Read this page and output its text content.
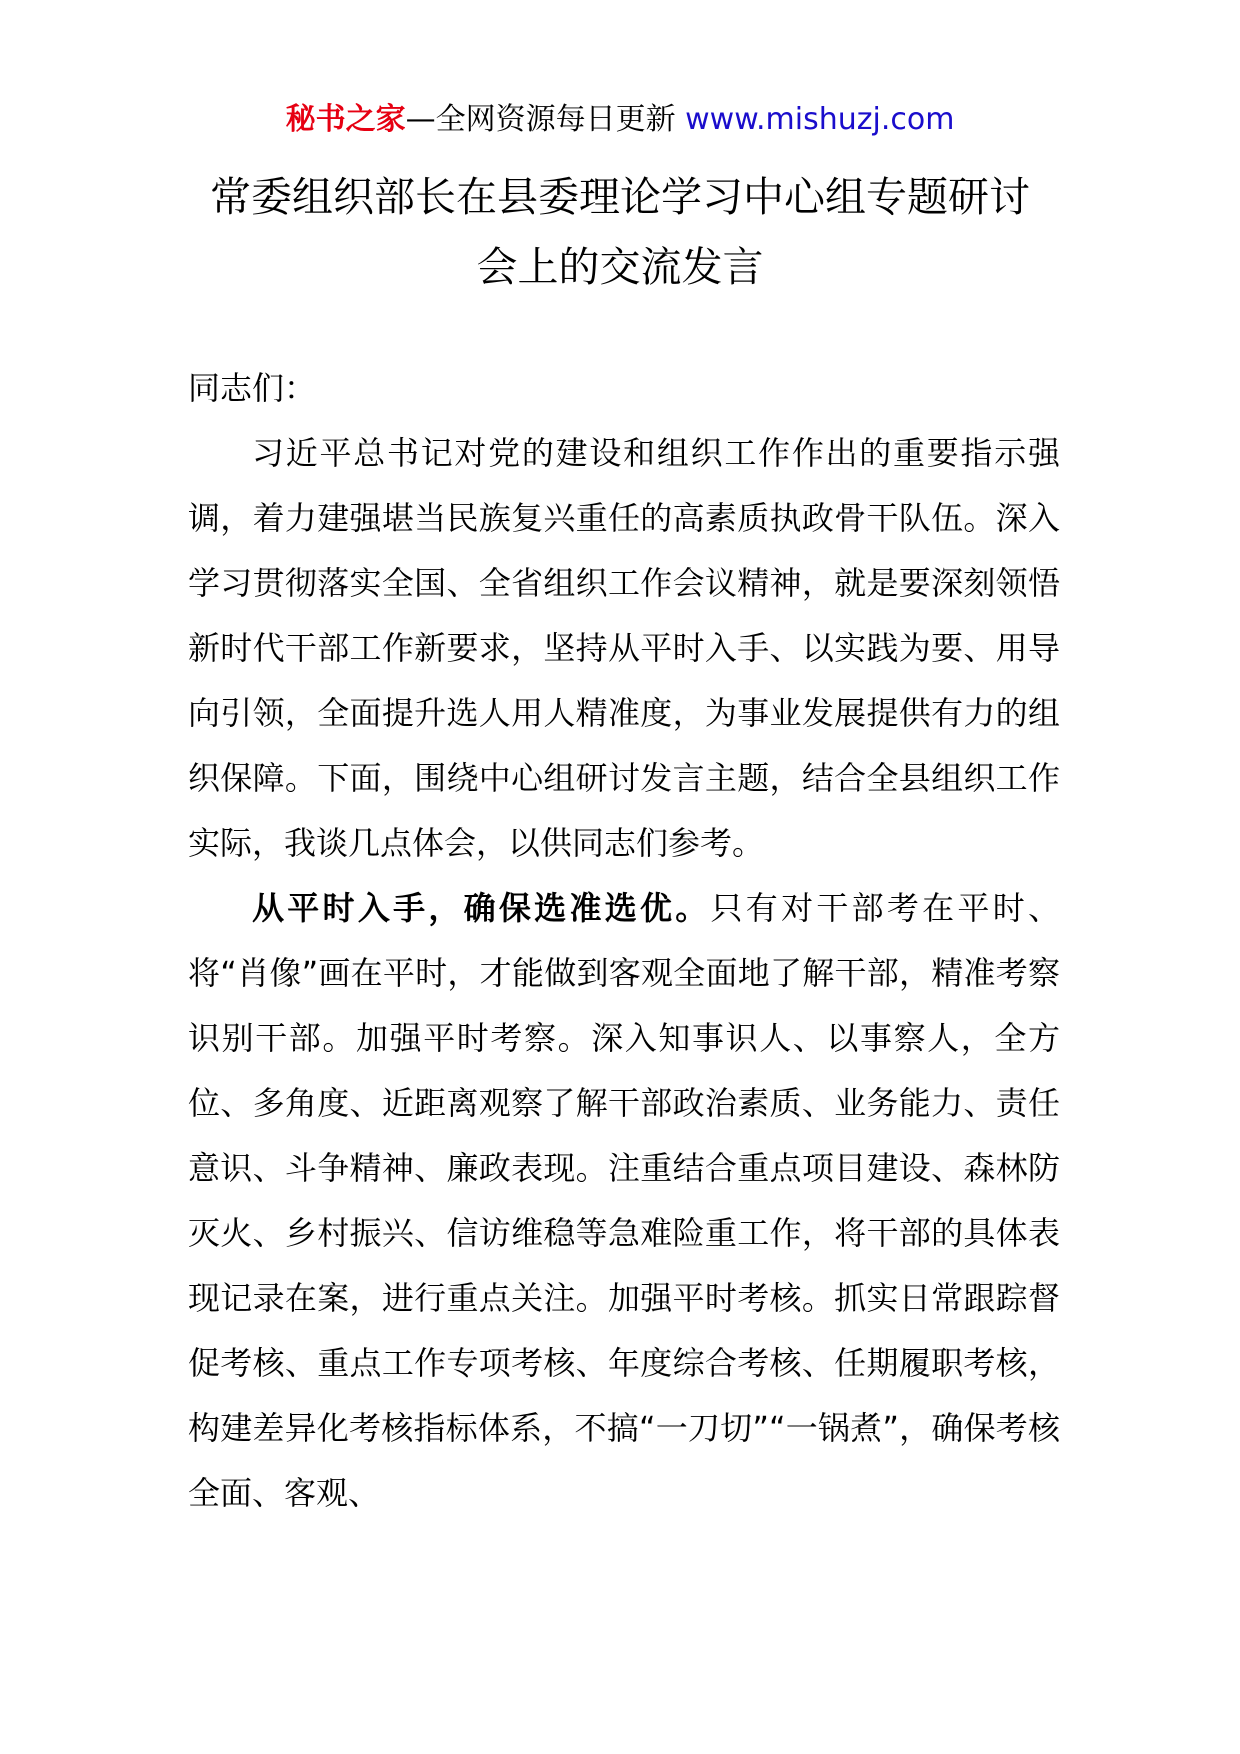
秘书之家—全网资源每日更新 www.mishuzj.com
常委组织部长在县委理论学习中心组专题研讨会上的交流发言

同志们：

习近平总书记对党的建设和组织工作作出的重要指示强调，着力建强堪当民族复兴重任的高素质执政骨干队伍。深入学习贯彻落实全国、全省组织工作会议精神，就是要深刻领悟新时代干部工作新要求，坚持从平时入手、以实践为要、用导向引领，全面提升选人用人精准度，为事业发展提供有力的组织保障。下面，围绕中心组研讨发言主题，结合全县组织工作实际，我谈几点体会，以供同志们参考。

从平时入手，确保选准选优。只有对干部考在平时、将“肖像”画在平时，才能做到客观全面地了解干部，精准考察识别干部。加强平时考察。深入知事识人、以事察人，全方位、多角度、近距离观察了解干部政治素质、业务能力、责任意识、斗争精神、廉政表现。注重结合重点项目建设、森林防灭火、乡村振兴、信访维稳等急难险重工作，将干部的具体表现记录在案，进行重点关注。加强平时考核。抓实日常跟踪督促考核、重点工作专项考核、年度综合考核、任期履职考核，构建差异化考核指标体系，不搞“一刀切”“一锅煮”，确保考核全面、客观、
